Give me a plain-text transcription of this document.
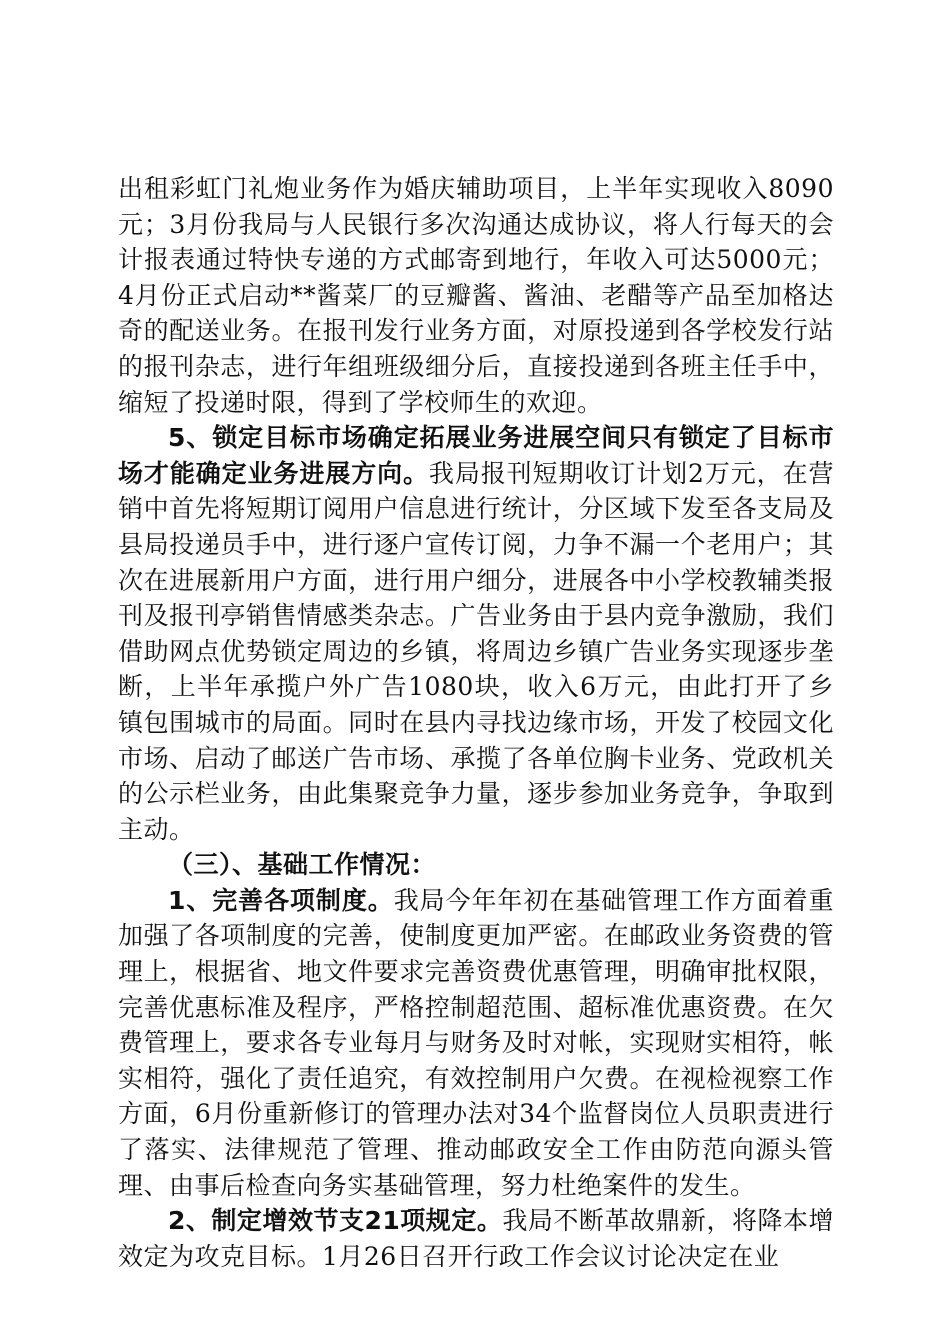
出租彩虹门礼炮业务作为婚庆辅助项目，上半年实现收入8090元；3月份我局与人民银行多次沟通达成协议，将人行每天的会计报表通过特快专递的方式邮寄到地行，年收入可达5000元；4月份正式启动**酱菜厂的豆瓣酱、酱油、老醋等产品至加格达奇的配送业务。在报刊发行业务方面，对原投递到各学校发行站的报刊杂志，进行年组班级细分后，直接投递到各班主任手中，缩短了投递时限，得到了学校师生的欢迎。

5、锁定目标市场确定拓展业务进展空间只有锁定了目标市场才能确定业务进展方向。我局报刊短期收订计划2万元，在营销中首先将短期订阅用户信息进行统计，分区域下发至各支局及县局投递员手中，进行逐户宣传订阅，力争不漏一个老用户；其次在进展新用户方面，进行用户细分，进展各中小学校教辅类报刊及报刊亭销售情感类杂志。广告业务由于县内竞争激励，我们借助网点优势锁定周边的乡镇，将周边乡镇广告业务实现逐步垄断，上半年承揽户外广告1080块，收入6万元，由此打开了乡镇包围城市的局面。同时在县内寻找边缘市场，开发了校园文化市场、启动了邮送广告市场、承揽了各单位胸卡业务、党政机关的公示栏业务，由此集聚竞争力量，逐步参加业务竞争，争取到主动。

（三）、基础工作情况：

1、完善各项制度。我局今年年初在基础管理工作方面着重加强了各项制度的完善，使制度更加严密。在邮政业务资费的管理上，根据省、地文件要求完善资费优惠管理，明确审批权限，完善优惠标准及程序，严格控制超范围、超标准优惠资费。在欠费管理上，要求各专业每月与财务及时对帐，实现财实相符，帐实相符，强化了责任追究，有效控制用户欠费。在视检视察工作方面，6月份重新修订的管理办法对34个监督岗位人员职责进行了落实、法律规范了管理、推动邮政安全工作由防范向源头管理、由事后检查向务实基础管理，努力杜绝案件的发生。

2、制定增效节支21项规定。我局不断革故鼎新，将降本增效定为攻克目标。1月26日召开行政工作会议讨论决定在业
